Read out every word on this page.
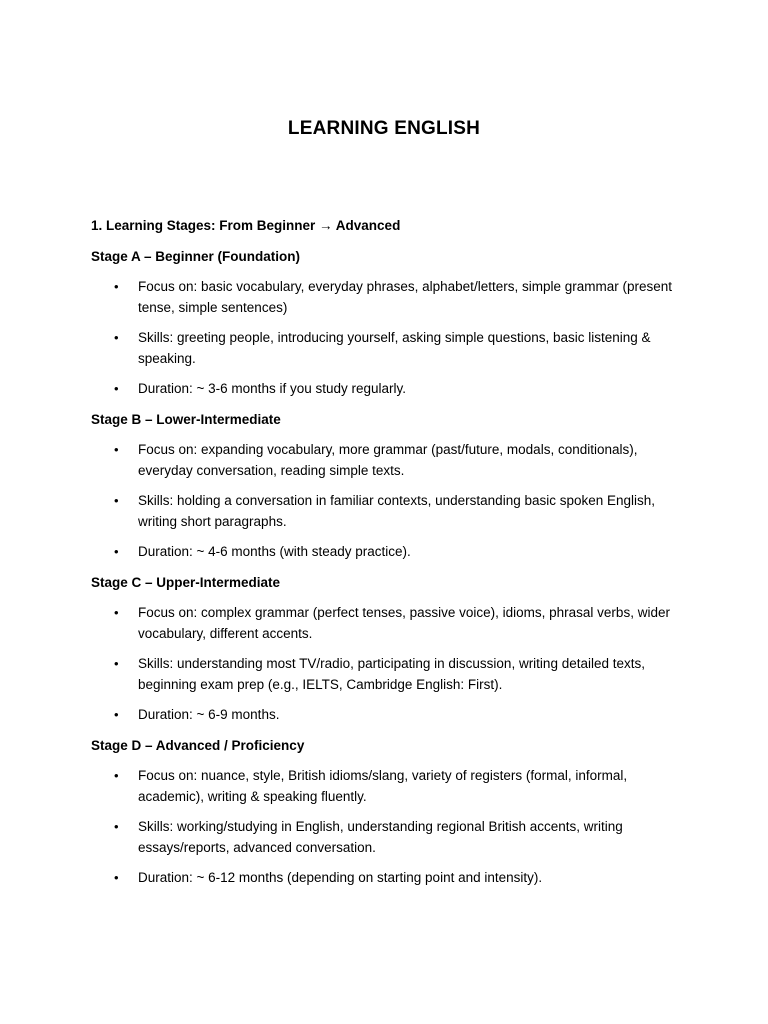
LEARNING ENGLISH
1. Learning Stages: From Beginner → Advanced
Stage A – Beginner (Foundation)
• Focus on: basic vocabulary, everyday phrases, alphabet/letters, simple grammar (present tense, simple sentences)
• Skills: greeting people, introducing yourself, asking simple questions, basic listening & speaking.
• Duration: ~ 3-6 months if you study regularly.
Stage B – Lower-Intermediate
• Focus on: expanding vocabulary, more grammar (past/future, modals, conditionals), everyday conversation, reading simple texts.
• Skills: holding a conversation in familiar contexts, understanding basic spoken English, writing short paragraphs.
• Duration: ~ 4-6 months (with steady practice).
Stage C – Upper-Intermediate
• Focus on: complex grammar (perfect tenses, passive voice), idioms, phrasal verbs, wider vocabulary, different accents.
• Skills: understanding most TV/radio, participating in discussion, writing detailed texts, beginning exam prep (e.g., IELTS, Cambridge English: First).
• Duration: ~ 6-9 months.
Stage D – Advanced / Proficiency
• Focus on: nuance, style, British idioms/slang, variety of registers (formal, informal, academic), writing & speaking fluently.
• Skills: working/studying in English, understanding regional British accents, writing essays/reports, advanced conversation.
• Duration: ~ 6-12 months (depending on starting point and intensity).
